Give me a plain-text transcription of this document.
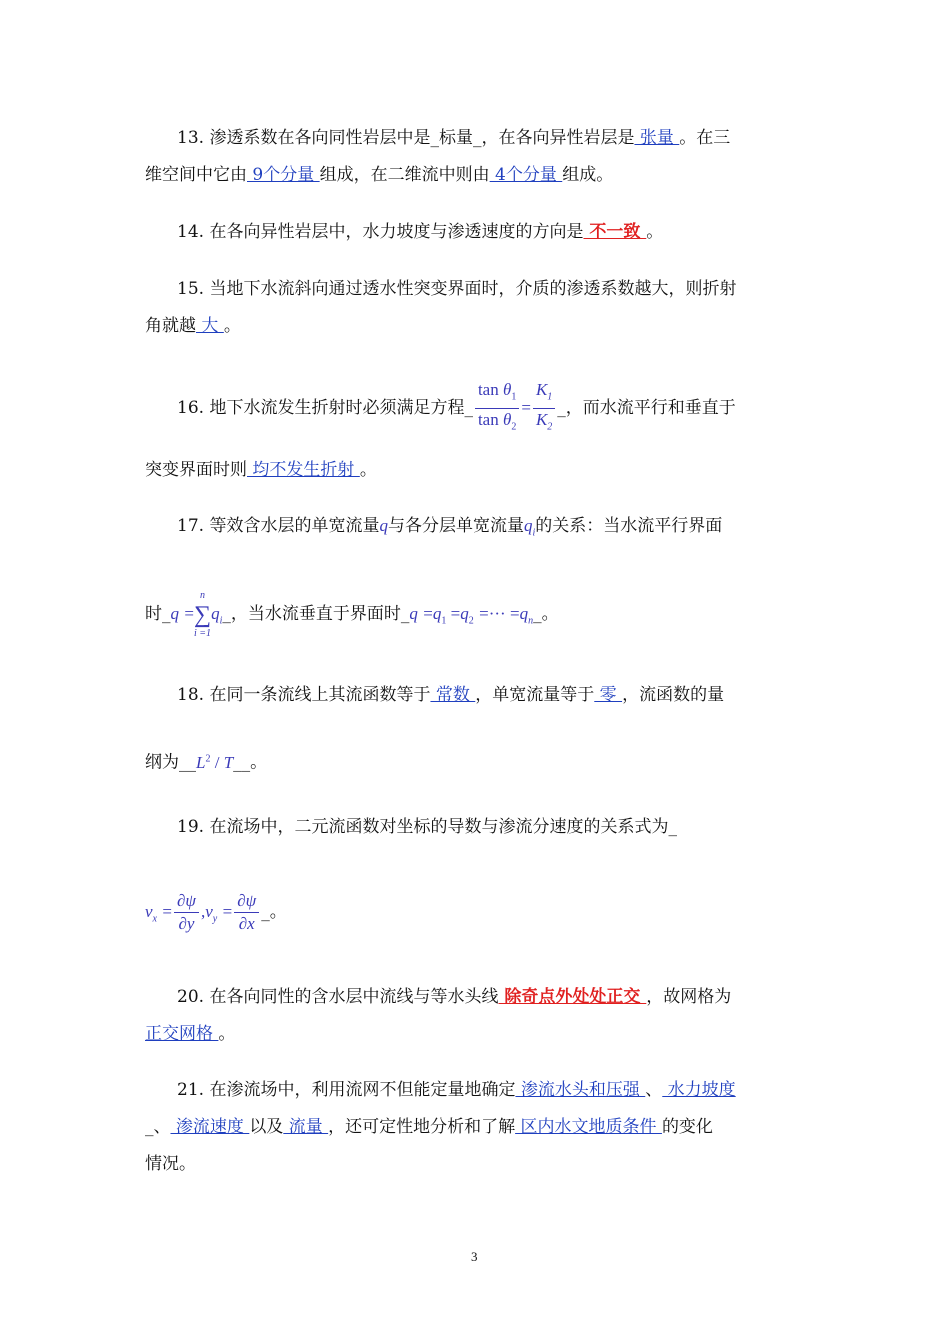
13. 渗透系数在各向同性岩层中是_标量_，在各向异性岩层是 张量 。在三
维空间中它由 9个分量 组成，在二维流中则由 4个分量 组成。
14. 在各向异性岩层中，水力坡度与渗透速度的方向是 不一致 。
15. 当地下水流斜向通过透水性突变界面时，介质的渗透系数越大，则折射
角就越 大 。
16. 地下水流发生折射时必须满足方程_ $\frac{\tan \theta_1}{\tan \theta_2} = \frac{K_1}{K_2}$ _，而水流平行和垂直于
突变界面时则 均不发生折射 。
17. 等效含水层的单宽流量q与各分层单宽流量$q_i$的关系：当水流平行界面
时_q =
n
∑
i =1
$q_i\_$，当水流垂直于界面时_q $=q_1 =q_2$ =··· $=q_n\_$。
18. 在同一条流线上其流函数等于 常数 ，单宽流量等于 零 ，流函数的量
纲为$\_\_L^2$ / T__。
19. 在流场中，二元流函数对坐标的导数与渗流分速度的关系式为_
$v_x = \frac{\partial\psi}{\partial y} ,v_y = \frac{\partial\psi}{\partial x}$ _。
20. 在各向同性的含水层中流线与等水头线 除奇点外处处正交 ，故网格为
正交网格 。
21. 在渗流场中，利用流网不但能定量地确定 渗流水头和压强 、 水力坡度
_、 渗流速度 以及 流量 ，还可定性地分析和了解 区内水文地质条件 的变化
情况。
3
